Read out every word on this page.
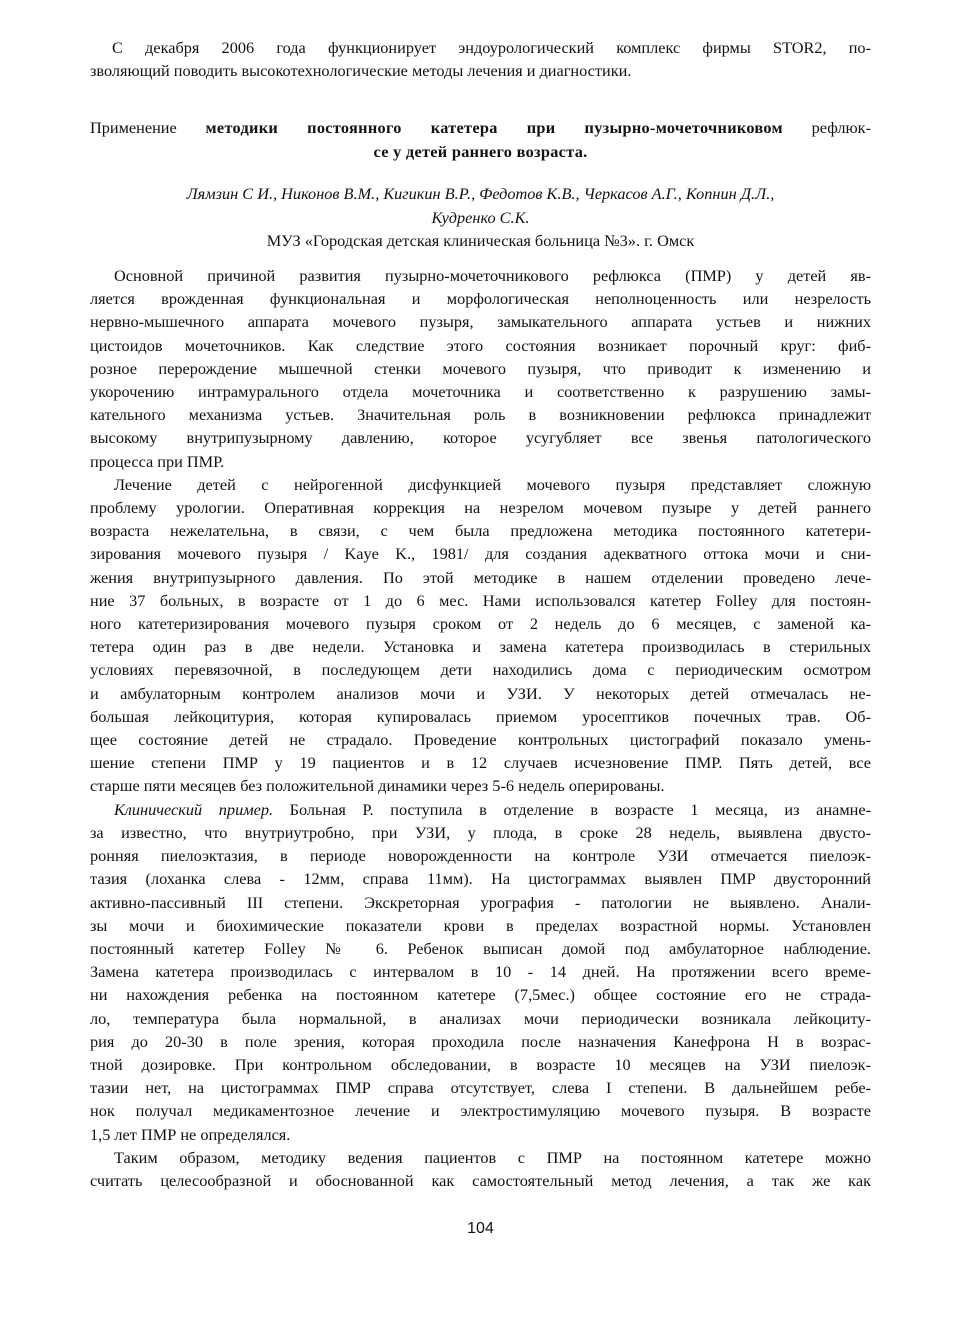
С декабря 2006 года функционирует эндоурологический комплекс фирмы STOR2, по-
зволяющий поводить высокотехнологические методы лечения и диагностики.
Применение методики постоянного катетера при пузырно-мочеточниковом рефлюк-
се у детей раннего возраста.
Лямзин С И., Никонов В.М., Кигикин В.Р., Федотов К.В., Черкасов А.Г., Копнин Д.Л.,
Кудренко С.К.
МУЗ «Городская детская клиническая больница №3». г. Омск
Основной причиной развития пузырно-мочеточникового рефлюкса (ПМР) у детей яв-
ляется врожденная функциональная и морфологическая неполноценность или незрелость
нервно-мышечного аппарата мочевого пузыря, замыкательного аппарата устьев и нижних
цистоидов мочеточников. Как следствие этого состояния возникает порочный круг: фиб-
розное перерождение мышечной стенки мочевого пузыря, что приводит к изменению и
укорочению интрамурального отдела мочеточника и соответственно к разрушению замы-
кательного механизма устьев. Значительная роль в возникновении рефлюкса принадлежит
высокому внутрипузырному давлению, которое усугубляет все звенья патологического
процесса при ПМР.
Лечение детей с нейрогенной дисфункцией мочевого пузыря представляет сложную
проблему урологии. Оперативная коррекция на незрелом мочевом пузыре у детей раннего
возраста нежелательна, в связи, с чем была предложена методика постоянного катетери-
зирования мочевого пузыря / Kaye K., 1981/ для создания адекватного оттока мочи и сни-
жения внутрипузырного давления. По этой методике в нашем отделении проведено лече-
ние 37 больных, в возрасте от 1 до 6 мес. Нами использовался катетер Folley для постоян-
ного катетеризирования мочевого пузыря сроком от 2 недель до 6 месяцев, с заменой ка-
тетера один раз в две недели. Установка и замена катетера производилась в стерильных
условиях перевязочной, в последующем дети находились дома с периодическим осмотром
и амбулаторным контролем анализов мочи и УЗИ. У некоторых детей отмечалась не-
большая лейкоцитурия, которая купировалась приемом уросептиков почечных трав. Об-
щее состояние детей не страдало. Проведение контрольных цистографий показало умень-
шение степени ПМР у 19 пациентов и в 12 случаев исчезновение ПМР. Пять детей, все
старше пяти месяцев без положительной динамики через 5-6 недель оперированы.
Клинический пример. Больная Р. поступила в отделение в возрасте 1 месяца, из анамне-
за известно, что внутриутробно, при УЗИ, у плода, в сроке 28 недель, выявлена двусто-
ронняя пиелоэктазия, в периоде новорожденности на контроле УЗИ отмечается пиелоэк-
тазия (лоханка слева - 12мм, справа 11мм). На цистограммах выявлен ПМР двусторонний
активно-пассивный III степени. Экскреторная урография - патологии не выявлено. Анали-
зы мочи и биохимические показатели крови в пределах возрастной нормы. Установлен
постоянный катетер Folley № 6. Ребенок выписан домой под амбулаторное наблюдение.
Замена катетера производилась с интервалом в 10 - 14 дней. На протяжении всего време-
ни нахождения ребенка на постоянном катетере (7,5мес.) общее состояние его не страда-
ло, температура была нормальной, в анализах мочи периодически возникала лейкоциту-
рия до 20-30 в поле зрения, которая проходила после назначения Канефрона Н в возрас-
тной дозировке. При контрольном обследовании, в возрасте 10 месяцев на УЗИ пиелоэк-
тазии нет, на цистограммах ПМР справа отсутствует, слева I степени. В дальнейшем ребе-
нок получал медикаментозное лечение и электростимуляцию мочевого пузыря. В возрасте
1,5 лет ПМР не определялся.
Таким образом, методику ведения пациентов с ПМР на постоянном катетере можно
считать целесообразной и обоснованной как самостоятельный метод лечения, а так же как
104
